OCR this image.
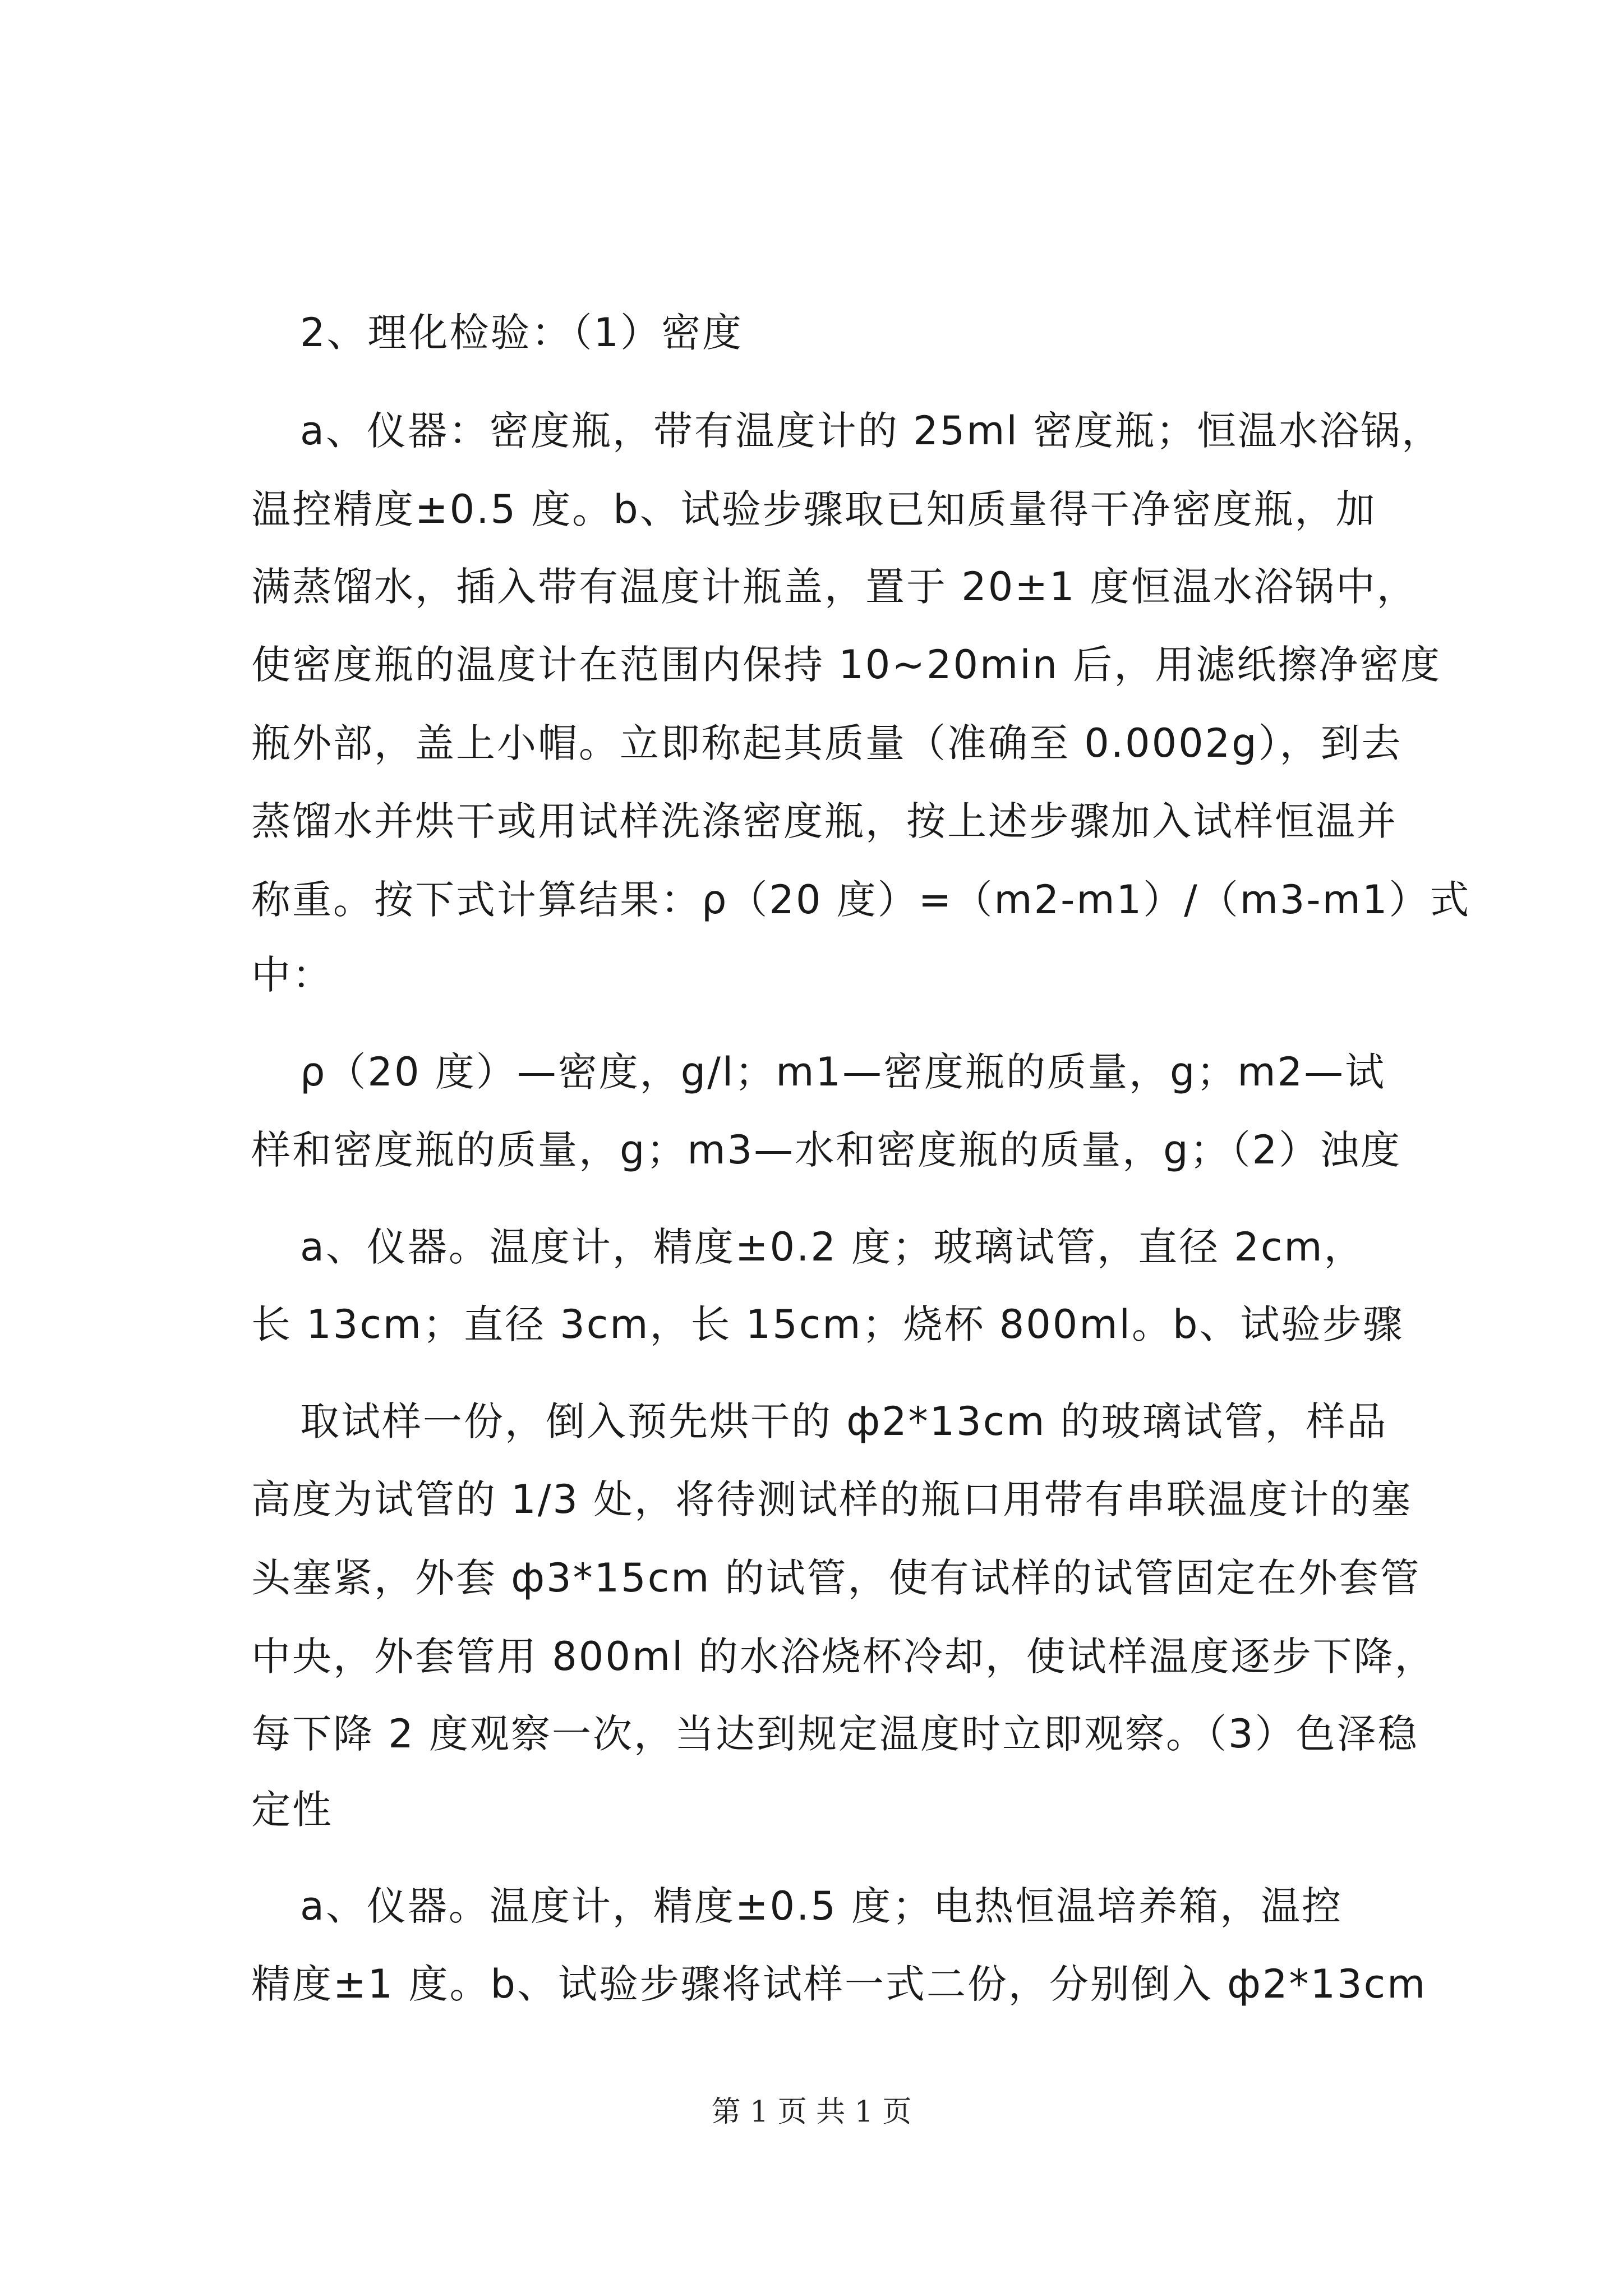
2、理化检验：（1）密度
a、仪器：密度瓶，带有温度计的 25ml 密度瓶；恒温水浴锅，
温控精度±0.5 度。b、试验步骤取已知质量得干净密度瓶，加
满蒸馏水，插入带有温度计瓶盖，置于 20±1 度恒温水浴锅中，
使密度瓶的温度计在范围内保持 10~20min 后，用滤纸擦净密度
瓶外部，盖上小帽。立即称起其质量（准确至 0.0002g），到去
蒸馏水并烘干或用试样洗涤密度瓶，按上述步骤加入试样恒温并
称重。按下式计算结果：ρ（20 度）=（m2-m1）/（m3-m1）式
中：
ρ（20 度）—密度，g/l；m1—密度瓶的质量，g；m2—试
样和密度瓶的质量，g；m3—水和密度瓶的质量，g；（2）浊度
a、仪器。温度计，精度±0.2 度；玻璃试管，直径 2cm，
长 13cm；直径 3cm，长 15cm；烧杯 800ml。b、试验步骤
取试样一份，倒入预先烘干的 ф2*13cm 的玻璃试管，样品
高度为试管的 1/3 处，将待测试样的瓶口用带有串联温度计的塞
头塞紧，外套 ф3*15cm 的试管，使有试样的试管固定在外套管
中央，外套管用 800ml 的水浴烧杯冷却，使试样温度逐步下降，
每下降 2 度观察一次，当达到规定温度时立即观察。（3）色泽稳
定性
a、仪器。温度计，精度±0.5 度；电热恒温培养箱，温控
精度±1 度。b、试验步骤将试样一式二份，分别倒入 ф2*13cm
第 1 页 共 1 页
